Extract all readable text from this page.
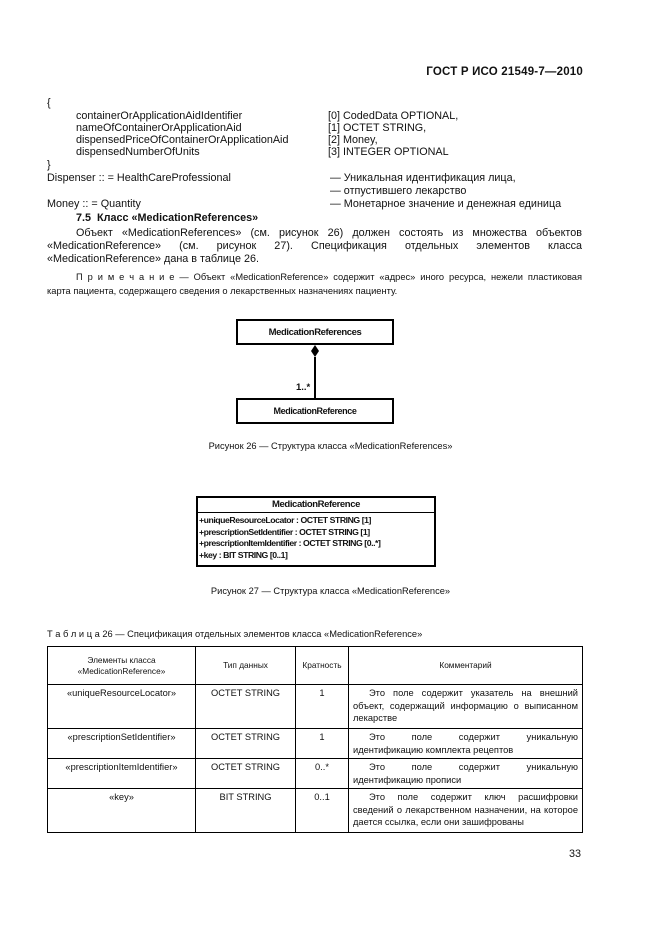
ГОСТ Р ИСО 21549-7—2010
{
containerOrApplicationAidIdentifier	[0] CodedData OPTIONAL,
nameOfContainerOrApplicationAid	[1] OCTET STRING,
dispensedPriceOfContainerOrApplicationAid	[2] Money,
dispensedNumberOfUnits	[3] INTEGER OPTIONAL
}
Dispenser :: = HealthCareProfessional	— Уникальная идентификация лица,
— отпустившего лекарство
Money :: = Quantity	— Монетарное значение и денежная единица
7.5 Класс «MedicationReferences»
Объект «MedicationReferences» (см. рисунок 26) должен состоять из множества объектов
«MedicationReference» (см. рисунок 27). Спецификация отдельных элементов класса
«MedicationReference» дана в таблице 26.
П р и м е ч а н и е — Объект «MedicationReference» содержит «адрес» иного ресурса, нежели пластиковая
карта пациента, содержащего сведения о лекарственных назначениях пациенту.
MedicationReferences
1..*
MedicationReference
Рисунок 26 — Структура класса «MedicationReferences»
MedicationReference
+uniqueResourceLocator : OCTET STRING [1]
+prescriptionSetIdentifier : OCTET STRING [1]
+prescriptionItemIdentifier : OCTET STRING [0..*]
+key : BIT STRING [0..1]
Рисунок 27 — Структура класса «MedicationReference»
Т а б л и ц а 26 — Спецификация отдельных элементов класса «MedicationReference»
Элементы класса
«MedicationReference»	Тип данных	Кратность	Комментарий
«uniqueResourceLocator»	OCTET STRING	1	Это поле содержит указатель на внешний объект, содержащий информацию о выписанном лекарстве
«prescriptionSetIdentifier»	OCTET STRING	1	Это поле содержит уникальную идентификацию комплекта рецептов
«prescriptionItemIdentifier»	OCTET STRING	0..*	Это поле содержит уникальную идентификацию прописи
«key»	BIT STRING	0..1	Это поле содержит ключ расшифровки сведений о лекарственном назначении, на которое дается ссылка, если они зашифрованы
33
